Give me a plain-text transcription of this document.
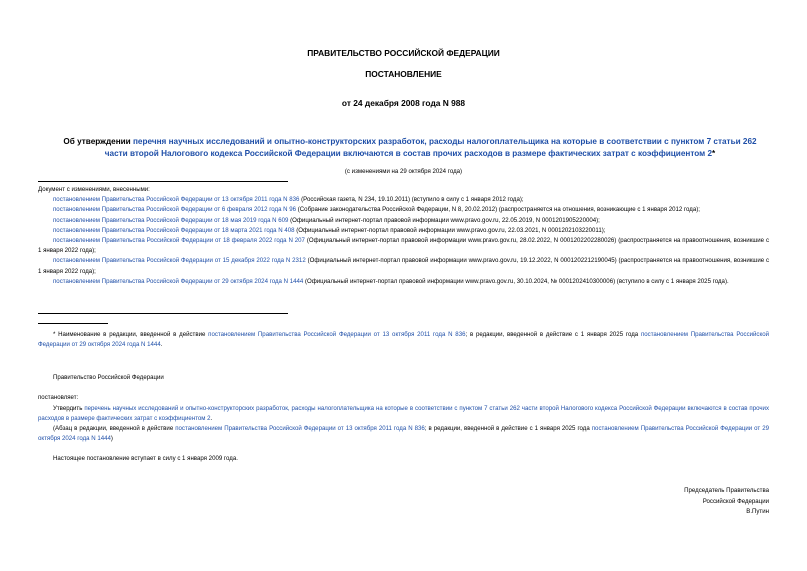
ПРАВИТЕЛЬСТВО РОССИЙСКОЙ ФЕДЕРАЦИИ
ПОСТАНОВЛЕНИЕ
от 24 декабря 2008 года N 988
Об утверждении перечня научных исследований и опытно-конструкторских разработок, расходы налогоплательщика на которые в соответствии с пунктом 7 статьи 262 части второй Налогового кодекса Российской Федерации включаются в состав прочих расходов в размере фактических затрат с коэффициентом 2*
(с изменениями на 29 октября 2024 года)

Документ с изменениями, внесенными:

постановлением Правительства Российской Федерации от 13 октября 2011 года N 836 (Российская газета, N 234, 19.10.2011) (вступило в силу с 1 января 2012 года);

постановлением Правительства Российской Федерации от 6 февраля 2012 года N 96 (Собрание законодательства Российской Федерации, N 8, 20.02.2012) (распространяется на отношения, возникающие с 1 января 2012 года);

постановлением Правительства Российской Федерации от 18 мая 2019 года N 609 (Официальный интернет-портал правовой информации www.pravo.gov.ru, 22.05.2019, N 0001201905220004);

постановлением Правительства Российской Федерации от 18 марта 2021 года N 408 (Официальный интернет-портал правовой информации www.pravo.gov.ru, 22.03.2021, N 0001202103220011);

постановлением Правительства Российской Федерации от 18 февраля 2022 года N 207 (Официальный интернет-портал правовой информации www.pravo.gov.ru, 28.02.2022, N 0001202202280026) (распространяется на правоотношения, возникшие с 1 января 2022 года);

постановлением Правительства Российской Федерации от 15 декабря 2022 года N 2312 (Официальный интернет-портал правовой информации www.pravo.gov.ru, 19.12.2022, N 0001202212190045) (распространяется на правоотношения, возникшие с 1 января 2022 года);

постановлением Правительства Российской Федерации от 29 октября 2024 года N 1444 (Официальный интернет-портал правовой информации www.pravo.gov.ru, 30.10.2024, № 0001202410300006) (вступило в силу с 1 января 2025 года).

* Наименование в редакции, введенной в действие постановлением Правительства Российской Федерации от 13 октября 2011 года N 836; в редакции, введенной в действие с 1 января 2025 года постановлением Правительства Российской Федерации от 29 октября 2024 года N 1444.

Правительство Российской Федерации

постановляет:

Утвердить перечень научных исследований и опытно-конструкторских разработок, расходы налогоплательщика на которые в соответствии с пунктом 7 статьи 262 части второй Налогового кодекса Российской Федерации включаются в состав прочих расходов в размере фактических затрат с коэффициентом 2.

(Абзац в редакции, введенной в действие постановлением Правительства Российской Федерации от 13 октября 2011 года N 836; в редакции, введенной в действие с 1 января 2025 года постановлением Правительства Российской Федерации от 29 октября 2024 года N 1444)

Настоящее постановление вступает в силу с 1 января 2009 года.

Председатель Правительства
Российской Федерации
В.Путин
